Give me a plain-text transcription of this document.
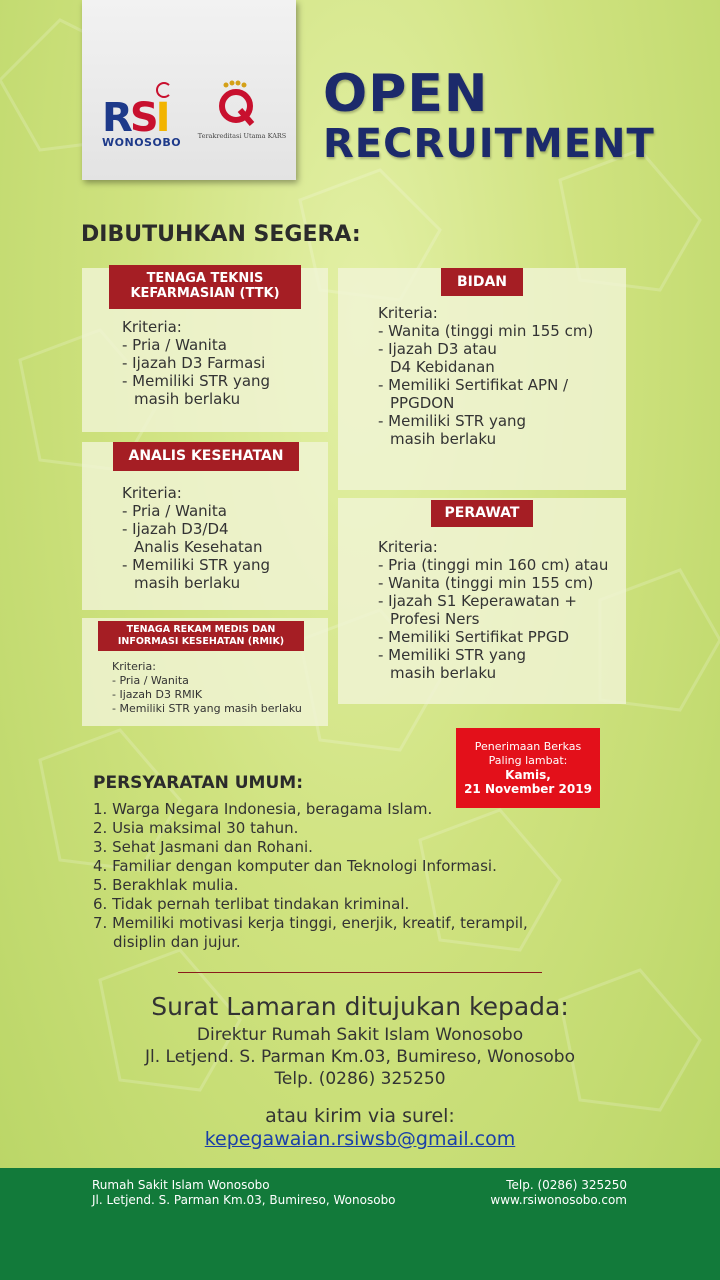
RSI
WONOSOBO	Terakreditasi Utama KARS
OPEN
RECRUITMENT
DIBUTUHKAN SEGERA:
Kriteria:
- Pria / Wanita
- Ijazah D3 Farmasi
- Memiliki STR yang
masih berlaku
TENAGA TEKNIS
KEFARMASIAN (TTK)
Kriteria:
- Pria / Wanita
- Ijazah D3/D4
Analis Kesehatan
- Memiliki STR yang
masih berlaku
ANALIS KESEHATAN
Kriteria:
- Pria / Wanita
- Ijazah D3 RMIK
- Memiliki STR yang masih berlaku
TENAGA REKAM MEDIS DAN
INFORMASI KESEHATAN (RMIK)
Kriteria:
- Wanita (tinggi min 155 cm)
- Ijazah D3 atau
D4 Kebidanan
- Memiliki Sertifikat APN /
PPGDON
- Memiliki STR yang
masih berlaku
BIDAN
Kriteria:
- Pria (tinggi min 160 cm) atau
- Wanita (tinggi min 155 cm)
- Ijazah S1 Keperawatan +
Profesi Ners
- Memiliki Sertifikat PPGD
- Memiliki STR yang
masih berlaku
PERAWAT
Penerimaan Berkas
Paling lambat:
Kamis,
21 November 2019
PERSYARATAN UMUM:
1. Warga Negara Indonesia, beragama Islam.
2. Usia maksimal 30 tahun.
3. Sehat Jasmani dan Rohani.
4. Familiar dengan komputer dan Teknologi Informasi.
5. Berakhlak mulia.
6. Tidak pernah terlibat tindakan kriminal.
7. Memiliki motivasi kerja tinggi, enerjik, kreatif, terampil,
disiplin dan jujur.
Surat Lamaran ditujukan kepada:
Direktur Rumah Sakit Islam Wonosobo
Jl. Letjend. S. Parman Km.03, Bumireso, Wonosobo
Telp. (0286) 325250
atau kirim via surel:
kepegawaian.rsiwsb@gmail.com
Rumah Sakit Islam Wonosobo
Jl. Letjend. S. Parman Km.03, Bumireso, Wonosobo
Telp. (0286) 325250
www.rsiwonosobo.com
